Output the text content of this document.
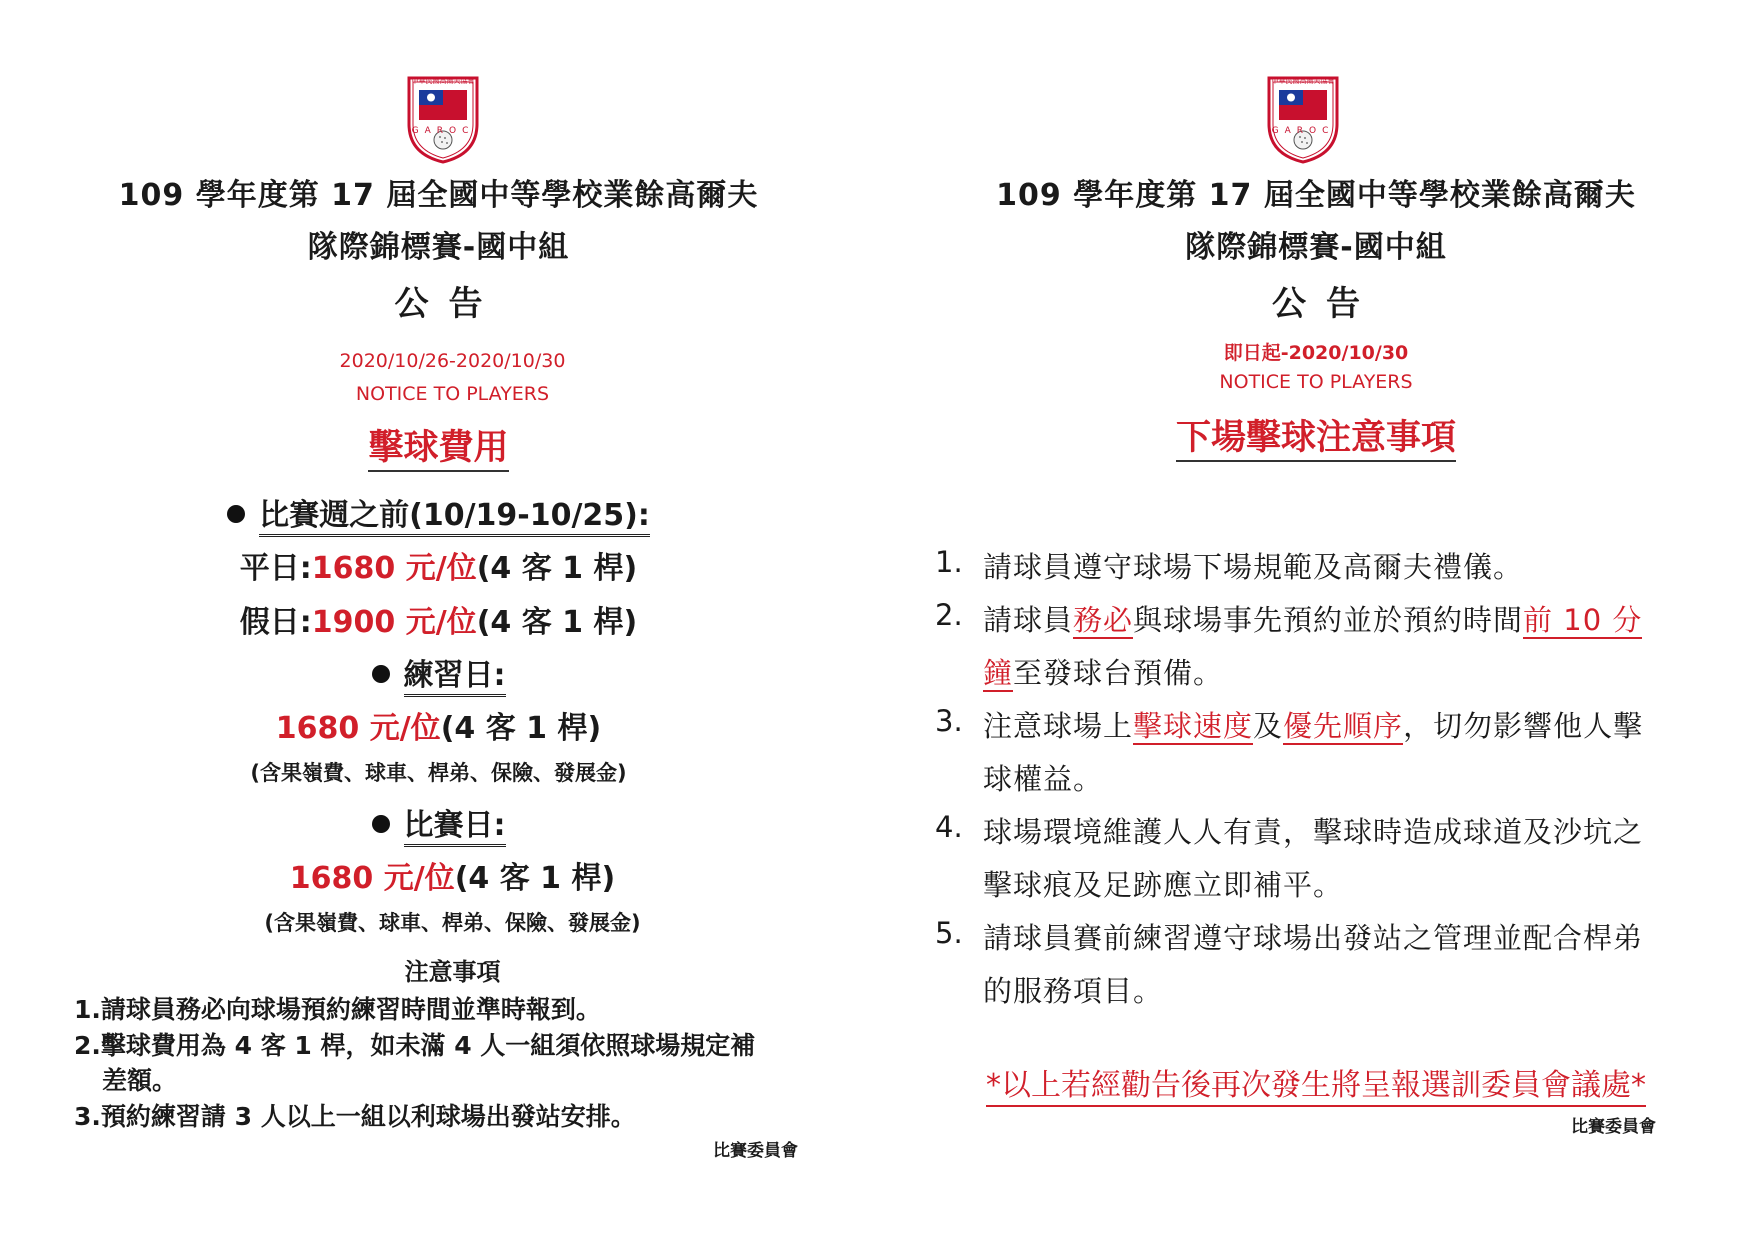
中華民國高爾夫協會
GAROC
109 學年度第 17 屆全國中等學校業餘高爾夫
隊際錦標賽-國中組
公告
2020/10/26-2020/10/30
NOTICE TO PLAYERS
擊球費用
比賽週之前(10/19-10/25):
平日:1680 元/位(4 客 1 桿)
假日:1900 元/位(4 客 1 桿)
練習日:
1680 元/位(4 客 1 桿)
(含果嶺費、球車、桿弟、保險、發展金)
比賽日:
1680 元/位(4 客 1 桿)
(含果嶺費、球車、桿弟、保險、發展金)
注意事項
1.請球員務必向球場預約練習時間並準時報到。
2.擊球費用為 4 客 1 桿，如未滿 4 人一組須依照球場規定補
差額。
3.預約練習請 3 人以上一組以利球場出發站安排。
比賽委員會
中華民國高爾夫協會
GAROC
109 學年度第 17 屆全國中等學校業餘高爾夫
隊際錦標賽-國中組
公告
即日起-2020/10/30
NOTICE TO PLAYERS
下場擊球注意事項
1. 請球員遵守球場下場規範及高爾夫禮儀。
2. 請球員務必與球場事先預約並於預約時間前 10 分
鐘至發球台預備。
3. 注意球場上擊球速度及優先順序，切勿影響他人擊
球權益。
4. 球場環境維護人人有責，擊球時造成球道及沙坑之
擊球痕及足跡應立即補平。
5. 請球員賽前練習遵守球場出發站之管理並配合桿弟
的服務項目。
*以上若經勸告後再次發生將呈報選訓委員會議處*
比賽委員會
